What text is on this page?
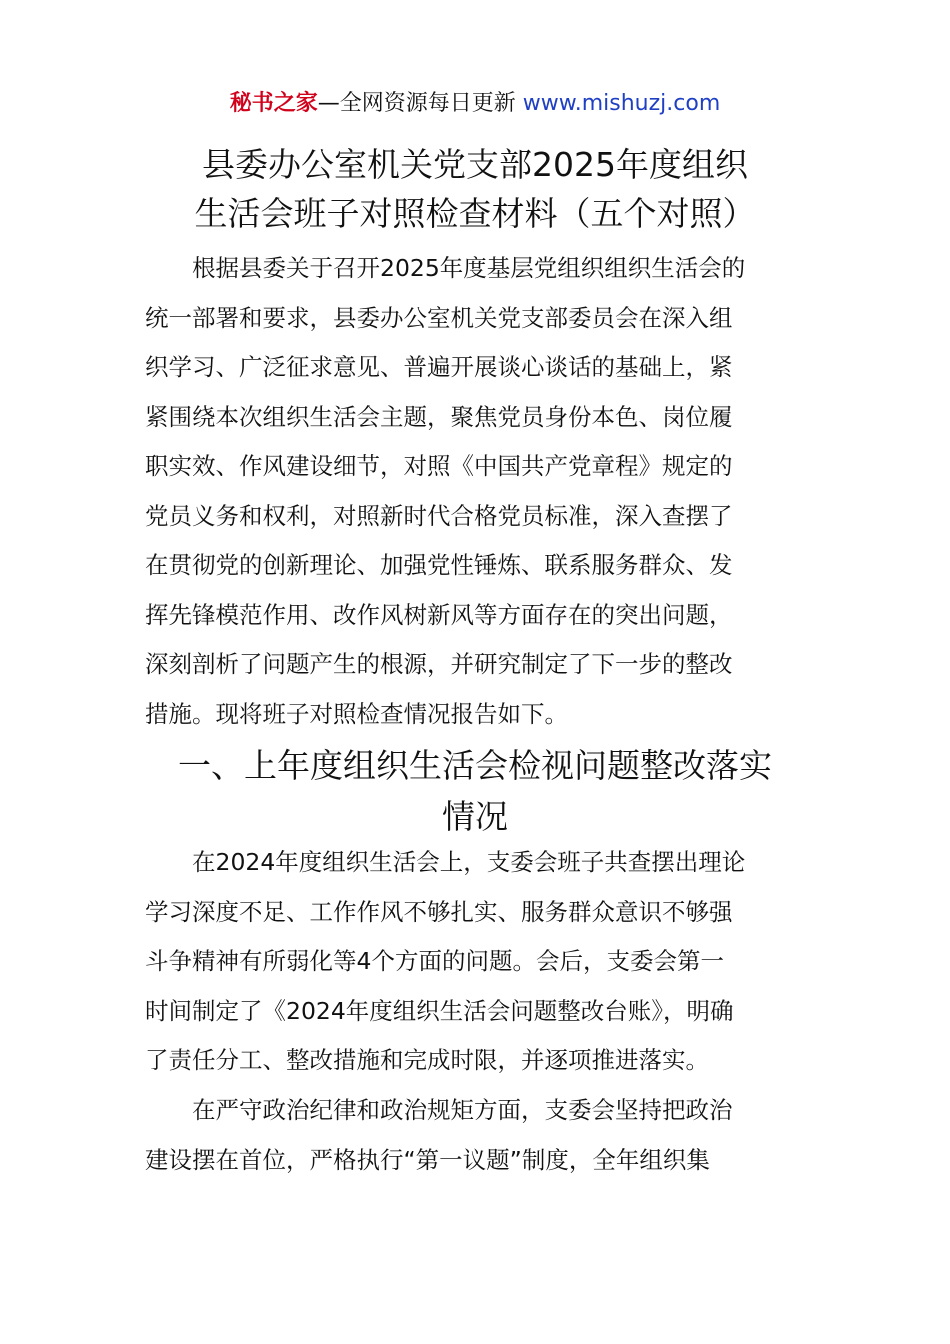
秘书之家—全网资源每日更新 www.mishuzj.com
县委办公室机关党支部2025年度组织
生活会班子对照检查材料（五个对照）

　　根据县委关于召开2025年度基层党组织组织生活会的
统一部署和要求，县委办公室机关党支部委员会在深入组
织学习、广泛征求意见、普遍开展谈心谈话的基础上，紧
紧围绕本次组织生活会主题，聚焦党员身份本色、岗位履
职实效、作风建设细节，对照《中国共产党章程》规定的
党员义务和权利，对照新时代合格党员标准，深入查摆了
在贯彻党的创新理论、加强党性锤炼、联系服务群众、发
挥先锋模范作用、改作风树新风等方面存在的突出问题，
深刻剖析了问题产生的根源，并研究制定了下一步的整改
措施。现将班子对照检查情况报告如下。

一、上年度组织生活会检视问题整改落实
情况

　　在2024年度组织生活会上，支委会班子共查摆出理论
学习深度不足、工作作风不够扎实、服务群众意识不够强
斗争精神有所弱化等4个方面的问题。会后，支委会第一
时间制定了《2024年度组织生活会问题整改台账》，明确
了责任分工、整改措施和完成时限，并逐项推进落实。

　　在严守政治纪律和政治规矩方面，支委会坚持把政治
建设摆在首位，严格执行“第一议题”制度，全年组织集
